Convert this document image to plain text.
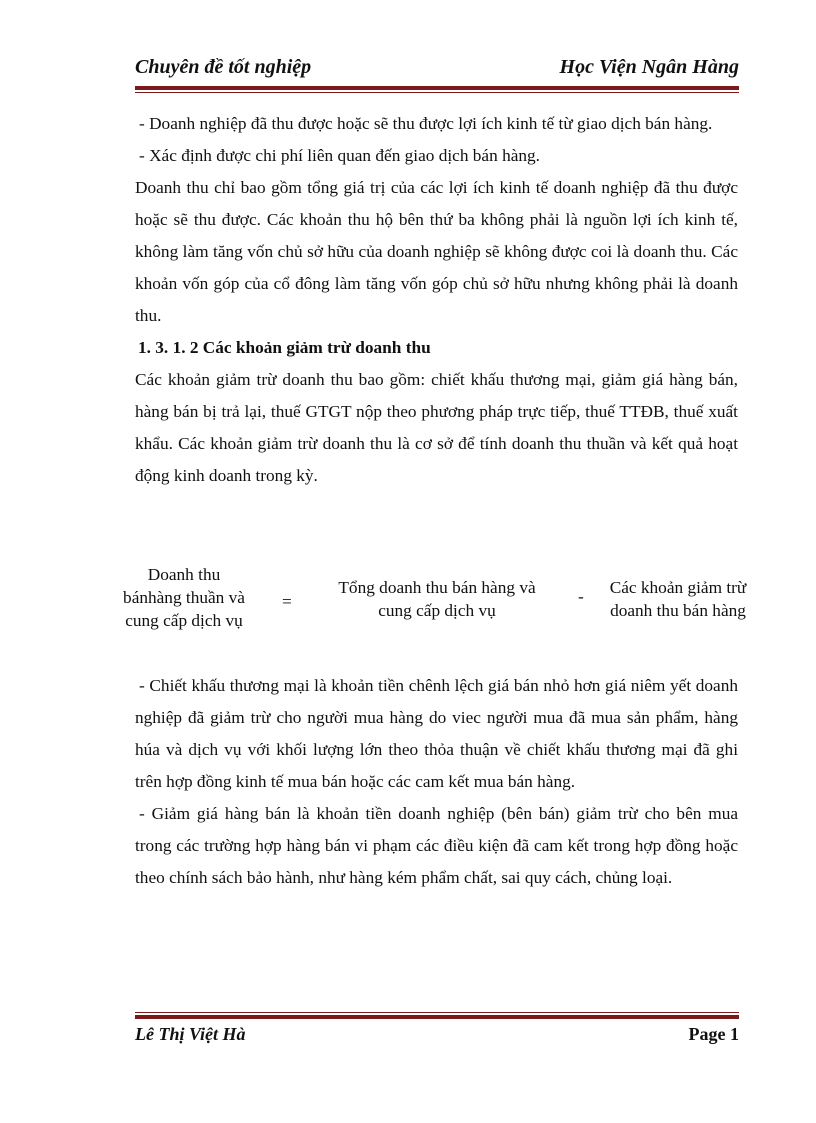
Chuyên đề tốt nghiệp	Học Viện Ngân Hàng

- Doanh nghiệp đã thu được hoặc sẽ thu được lợi ích kinh tế từ giao dịch bán hàng.

- Xác định được chi phí liên quan đến giao dịch bán hàng.

Doanh thu chỉ bao gồm tổng giá trị của các lợi ích kinh tế doanh nghiệp đã thu được hoặc sẽ thu được. Các khoản thu hộ bên thứ ba không phải là nguồn lợi ích kinh tế, không làm tăng vốn chủ sở hữu của doanh nghiệp sẽ không được coi là doanh thu. Các khoản vốn góp của cổ đông làm tăng vốn góp chủ sở hữu nhưng không phải là doanh thu.

1. 3. 1. 2 Các khoản giảm trừ doanh thu

Các khoản giảm trừ doanh thu bao gồm: chiết khấu thương mại, giảm giá hàng bán, hàng bán bị trả lại, thuế GTGT nộp theo phương pháp trực tiếp, thuế TTĐB, thuế xuất khẩu. Các khoản giảm trừ doanh thu là cơ sở để tính doanh thu thuần và kết quả hoạt động kinh doanh trong kỳ.

Doanh thu
bánhàng thuần và
cung cấp dịch vụ
=
Tổng doanh thu bán hàng và
cung cấp dịch vụ
-	Các khoản giảm trừ
doanh thu bán hàng

- Chiết khấu thương mại là khoản tiền chênh lệch giá bán nhỏ hơn giá niêm yết doanh nghiệp đã giảm trừ cho người mua hàng do viec người mua đã mua sản phẩm, hàng húa và dịch vụ với khối lượng lớn theo thỏa thuận về chiết khấu thương mại đã ghi trên hợp đồng kinh tế mua bán hoặc các cam kết mua bán hàng.

- Giảm giá hàng bán là khoản tiền doanh nghiệp (bên bán) giảm trừ cho bên mua trong các trường hợp hàng bán vi phạm các điều kiện đã cam kết trong hợp đồng hoặc theo chính sách bảo hành, như hàng kém phẩm chất, sai quy cách, chủng loại.

Lê Thị Việt Hà	Page 1
